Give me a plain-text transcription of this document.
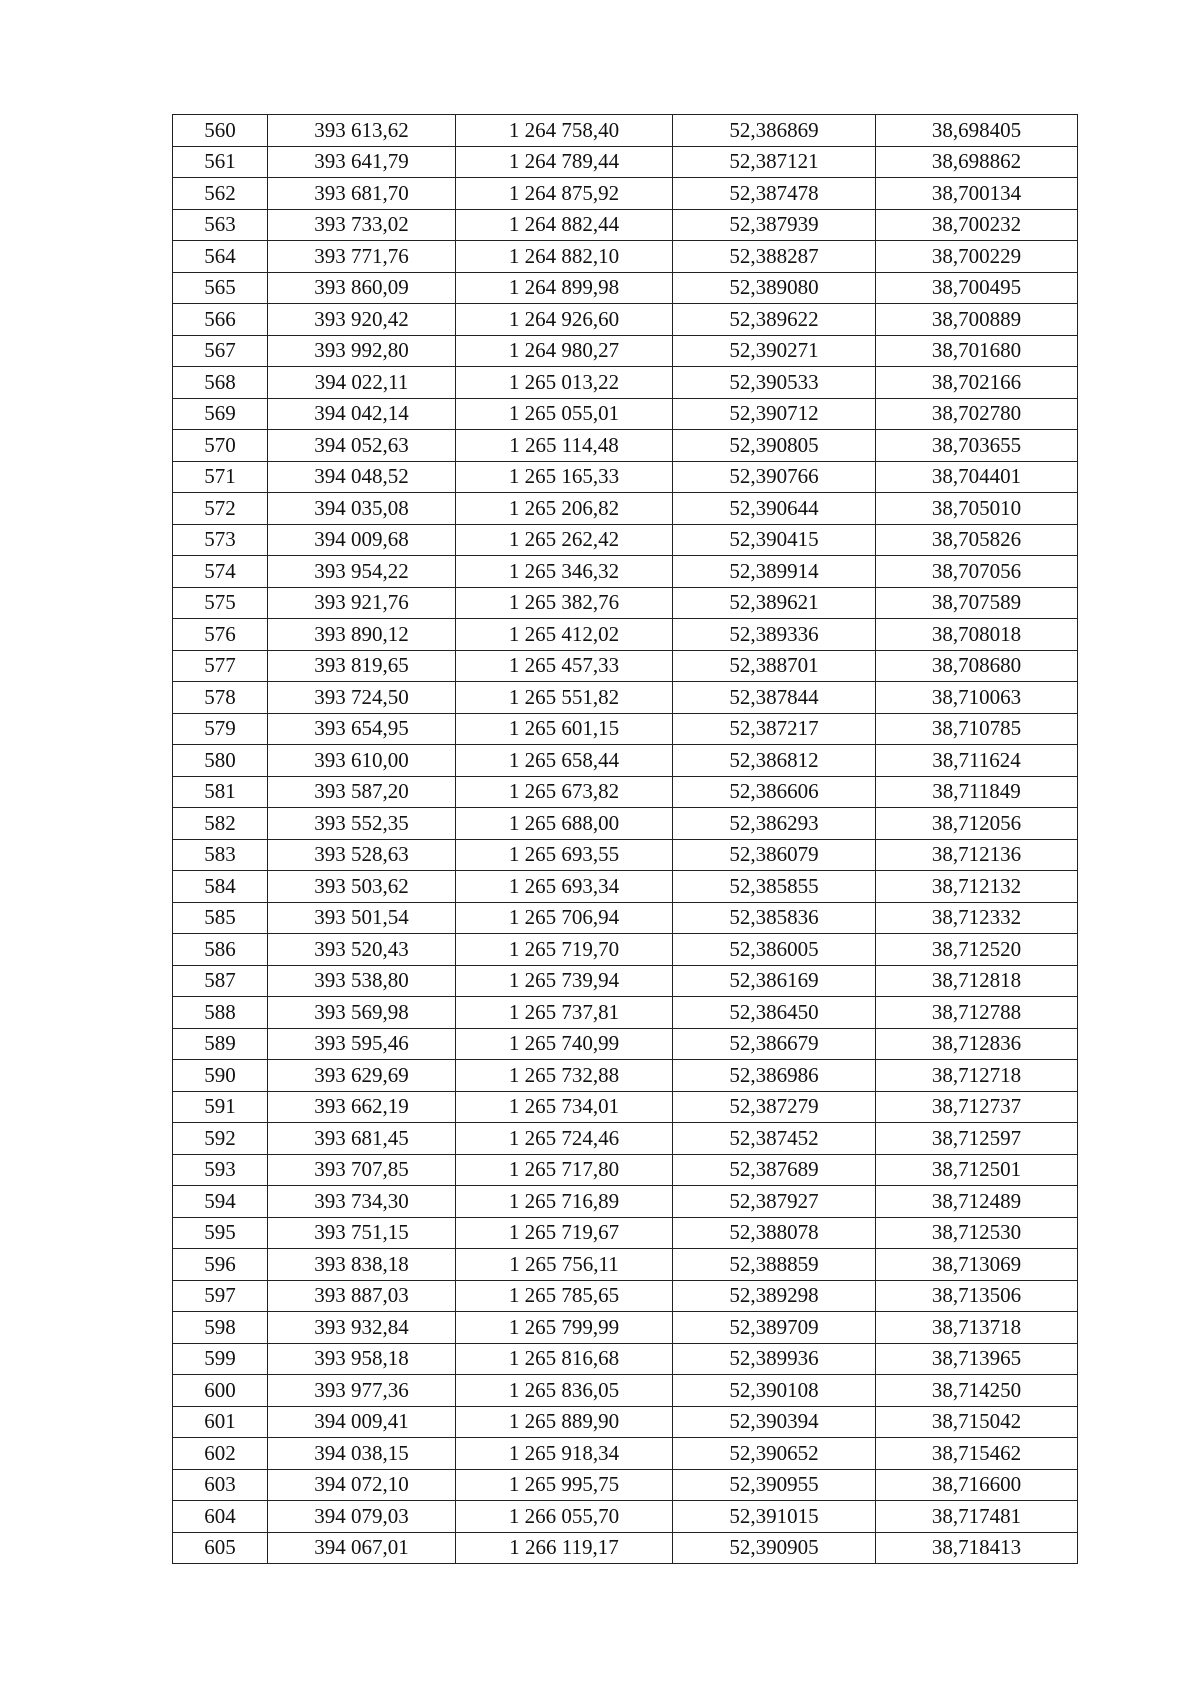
560	393 613,62	1 264 758,40	52,386869	38,698405
561	393 641,79	1 264 789,44	52,387121	38,698862
562	393 681,70	1 264 875,92	52,387478	38,700134
563	393 733,02	1 264 882,44	52,387939	38,700232
564	393 771,76	1 264 882,10	52,388287	38,700229
565	393 860,09	1 264 899,98	52,389080	38,700495
566	393 920,42	1 264 926,60	52,389622	38,700889
567	393 992,80	1 264 980,27	52,390271	38,701680
568	394 022,11	1 265 013,22	52,390533	38,702166
569	394 042,14	1 265 055,01	52,390712	38,702780
570	394 052,63	1 265 114,48	52,390805	38,703655
571	394 048,52	1 265 165,33	52,390766	38,704401
572	394 035,08	1 265 206,82	52,390644	38,705010
573	394 009,68	1 265 262,42	52,390415	38,705826
574	393 954,22	1 265 346,32	52,389914	38,707056
575	393 921,76	1 265 382,76	52,389621	38,707589
576	393 890,12	1 265 412,02	52,389336	38,708018
577	393 819,65	1 265 457,33	52,388701	38,708680
578	393 724,50	1 265 551,82	52,387844	38,710063
579	393 654,95	1 265 601,15	52,387217	38,710785
580	393 610,00	1 265 658,44	52,386812	38,711624
581	393 587,20	1 265 673,82	52,386606	38,711849
582	393 552,35	1 265 688,00	52,386293	38,712056
583	393 528,63	1 265 693,55	52,386079	38,712136
584	393 503,62	1 265 693,34	52,385855	38,712132
585	393 501,54	1 265 706,94	52,385836	38,712332
586	393 520,43	1 265 719,70	52,386005	38,712520
587	393 538,80	1 265 739,94	52,386169	38,712818
588	393 569,98	1 265 737,81	52,386450	38,712788
589	393 595,46	1 265 740,99	52,386679	38,712836
590	393 629,69	1 265 732,88	52,386986	38,712718
591	393 662,19	1 265 734,01	52,387279	38,712737
592	393 681,45	1 265 724,46	52,387452	38,712597
593	393 707,85	1 265 717,80	52,387689	38,712501
594	393 734,30	1 265 716,89	52,387927	38,712489
595	393 751,15	1 265 719,67	52,388078	38,712530
596	393 838,18	1 265 756,11	52,388859	38,713069
597	393 887,03	1 265 785,65	52,389298	38,713506
598	393 932,84	1 265 799,99	52,389709	38,713718
599	393 958,18	1 265 816,68	52,389936	38,713965
600	393 977,36	1 265 836,05	52,390108	38,714250
601	394 009,41	1 265 889,90	52,390394	38,715042
602	394 038,15	1 265 918,34	52,390652	38,715462
603	394 072,10	1 265 995,75	52,390955	38,716600
604	394 079,03	1 266 055,70	52,391015	38,717481
605	394 067,01	1 266 119,17	52,390905	38,718413
